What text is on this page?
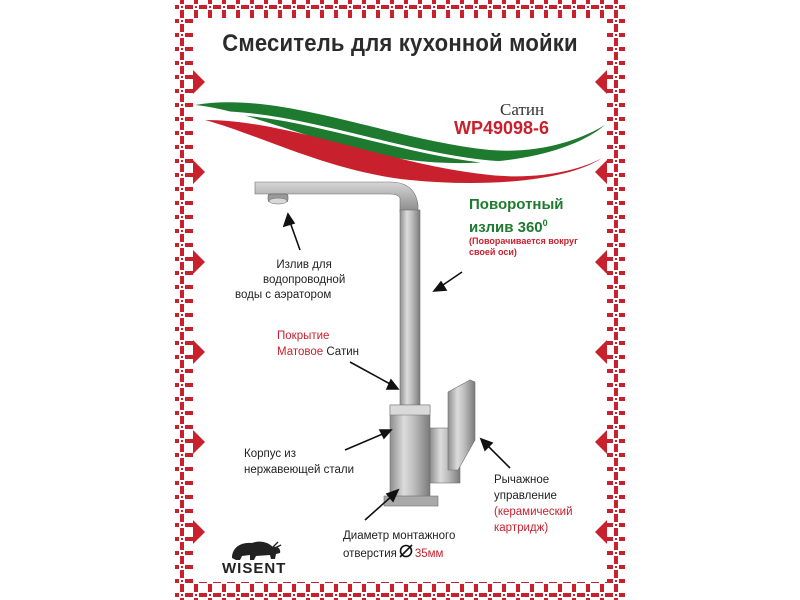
Смеситель для кухонной мойки
Сатин
WP49098-6
Поворотный
излив $360^0$
(Поворачивается вокруг
своей оси)
Излив для
водопроводной
воды с аэратором
Покрытие
Матовое Сатин
Корпус из
нержавеющей стали
Рычажное
управление
(керамический
картридж)
Диаметр монтажного
отверстия 35мм
WISENT
